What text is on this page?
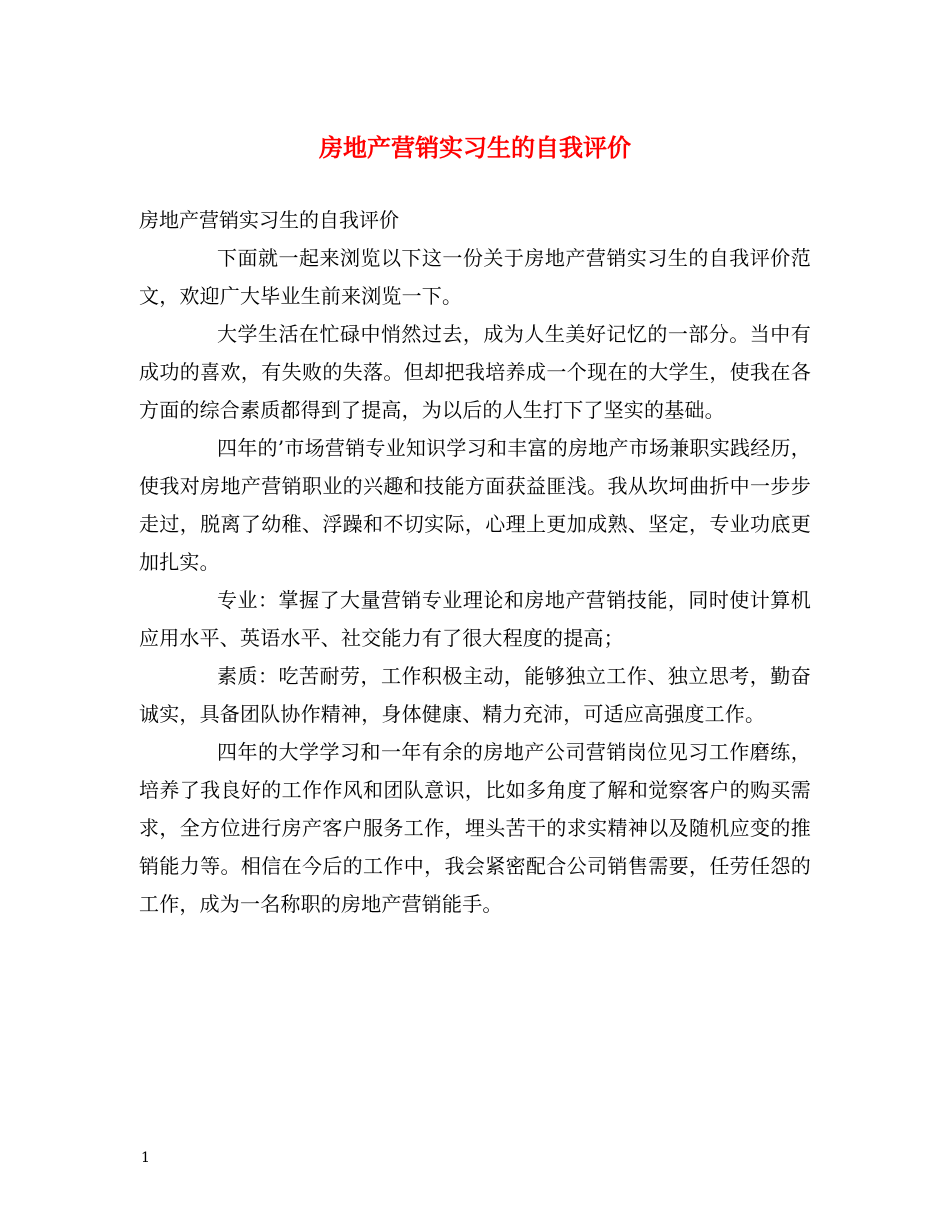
房地产营销实习生的自我评价

房地产营销实习生的自我评价

下面就一起来浏览以下这一份关于房地产营销实习生的自我评价范文，欢迎广大毕业生前来浏览一下。

大学生活在忙碌中悄然过去，成为人生美好记忆的一部分。当中有成功的喜欢，有失败的失落。但却把我培养成一个现在的大学生，使我在各方面的综合素质都得到了提高，为以后的人生打下了坚实的基础。

四年的’市场营销专业知识学习和丰富的房地产市场兼职实践经历，使我对房地产营销职业的兴趣和技能方面获益匪浅。我从坎坷曲折中一步步走过，脱离了幼稚、浮躁和不切实际，心理上更加成熟、坚定，专业功底更加扎实。

专业：掌握了大量营销专业理论和房地产营销技能，同时使计算机应用水平、英语水平、社交能力有了很大程度的提高；

素质：吃苦耐劳，工作积极主动，能够独立工作、独立思考，勤奋诚实，具备团队协作精神，身体健康、精力充沛，可适应高强度工作。

四年的大学学习和一年有余的房地产公司营销岗位见习工作磨练，培养了我良好的工作作风和团队意识，比如多角度了解和觉察客户的购买需求，全方位进行房产客户服务工作，埋头苦干的求实精神以及随机应变的推销能力等。相信在今后的工作中，我会紧密配合公司销售需要，任劳任怨的工作，成为一名称职的房地产营销能手。

1
